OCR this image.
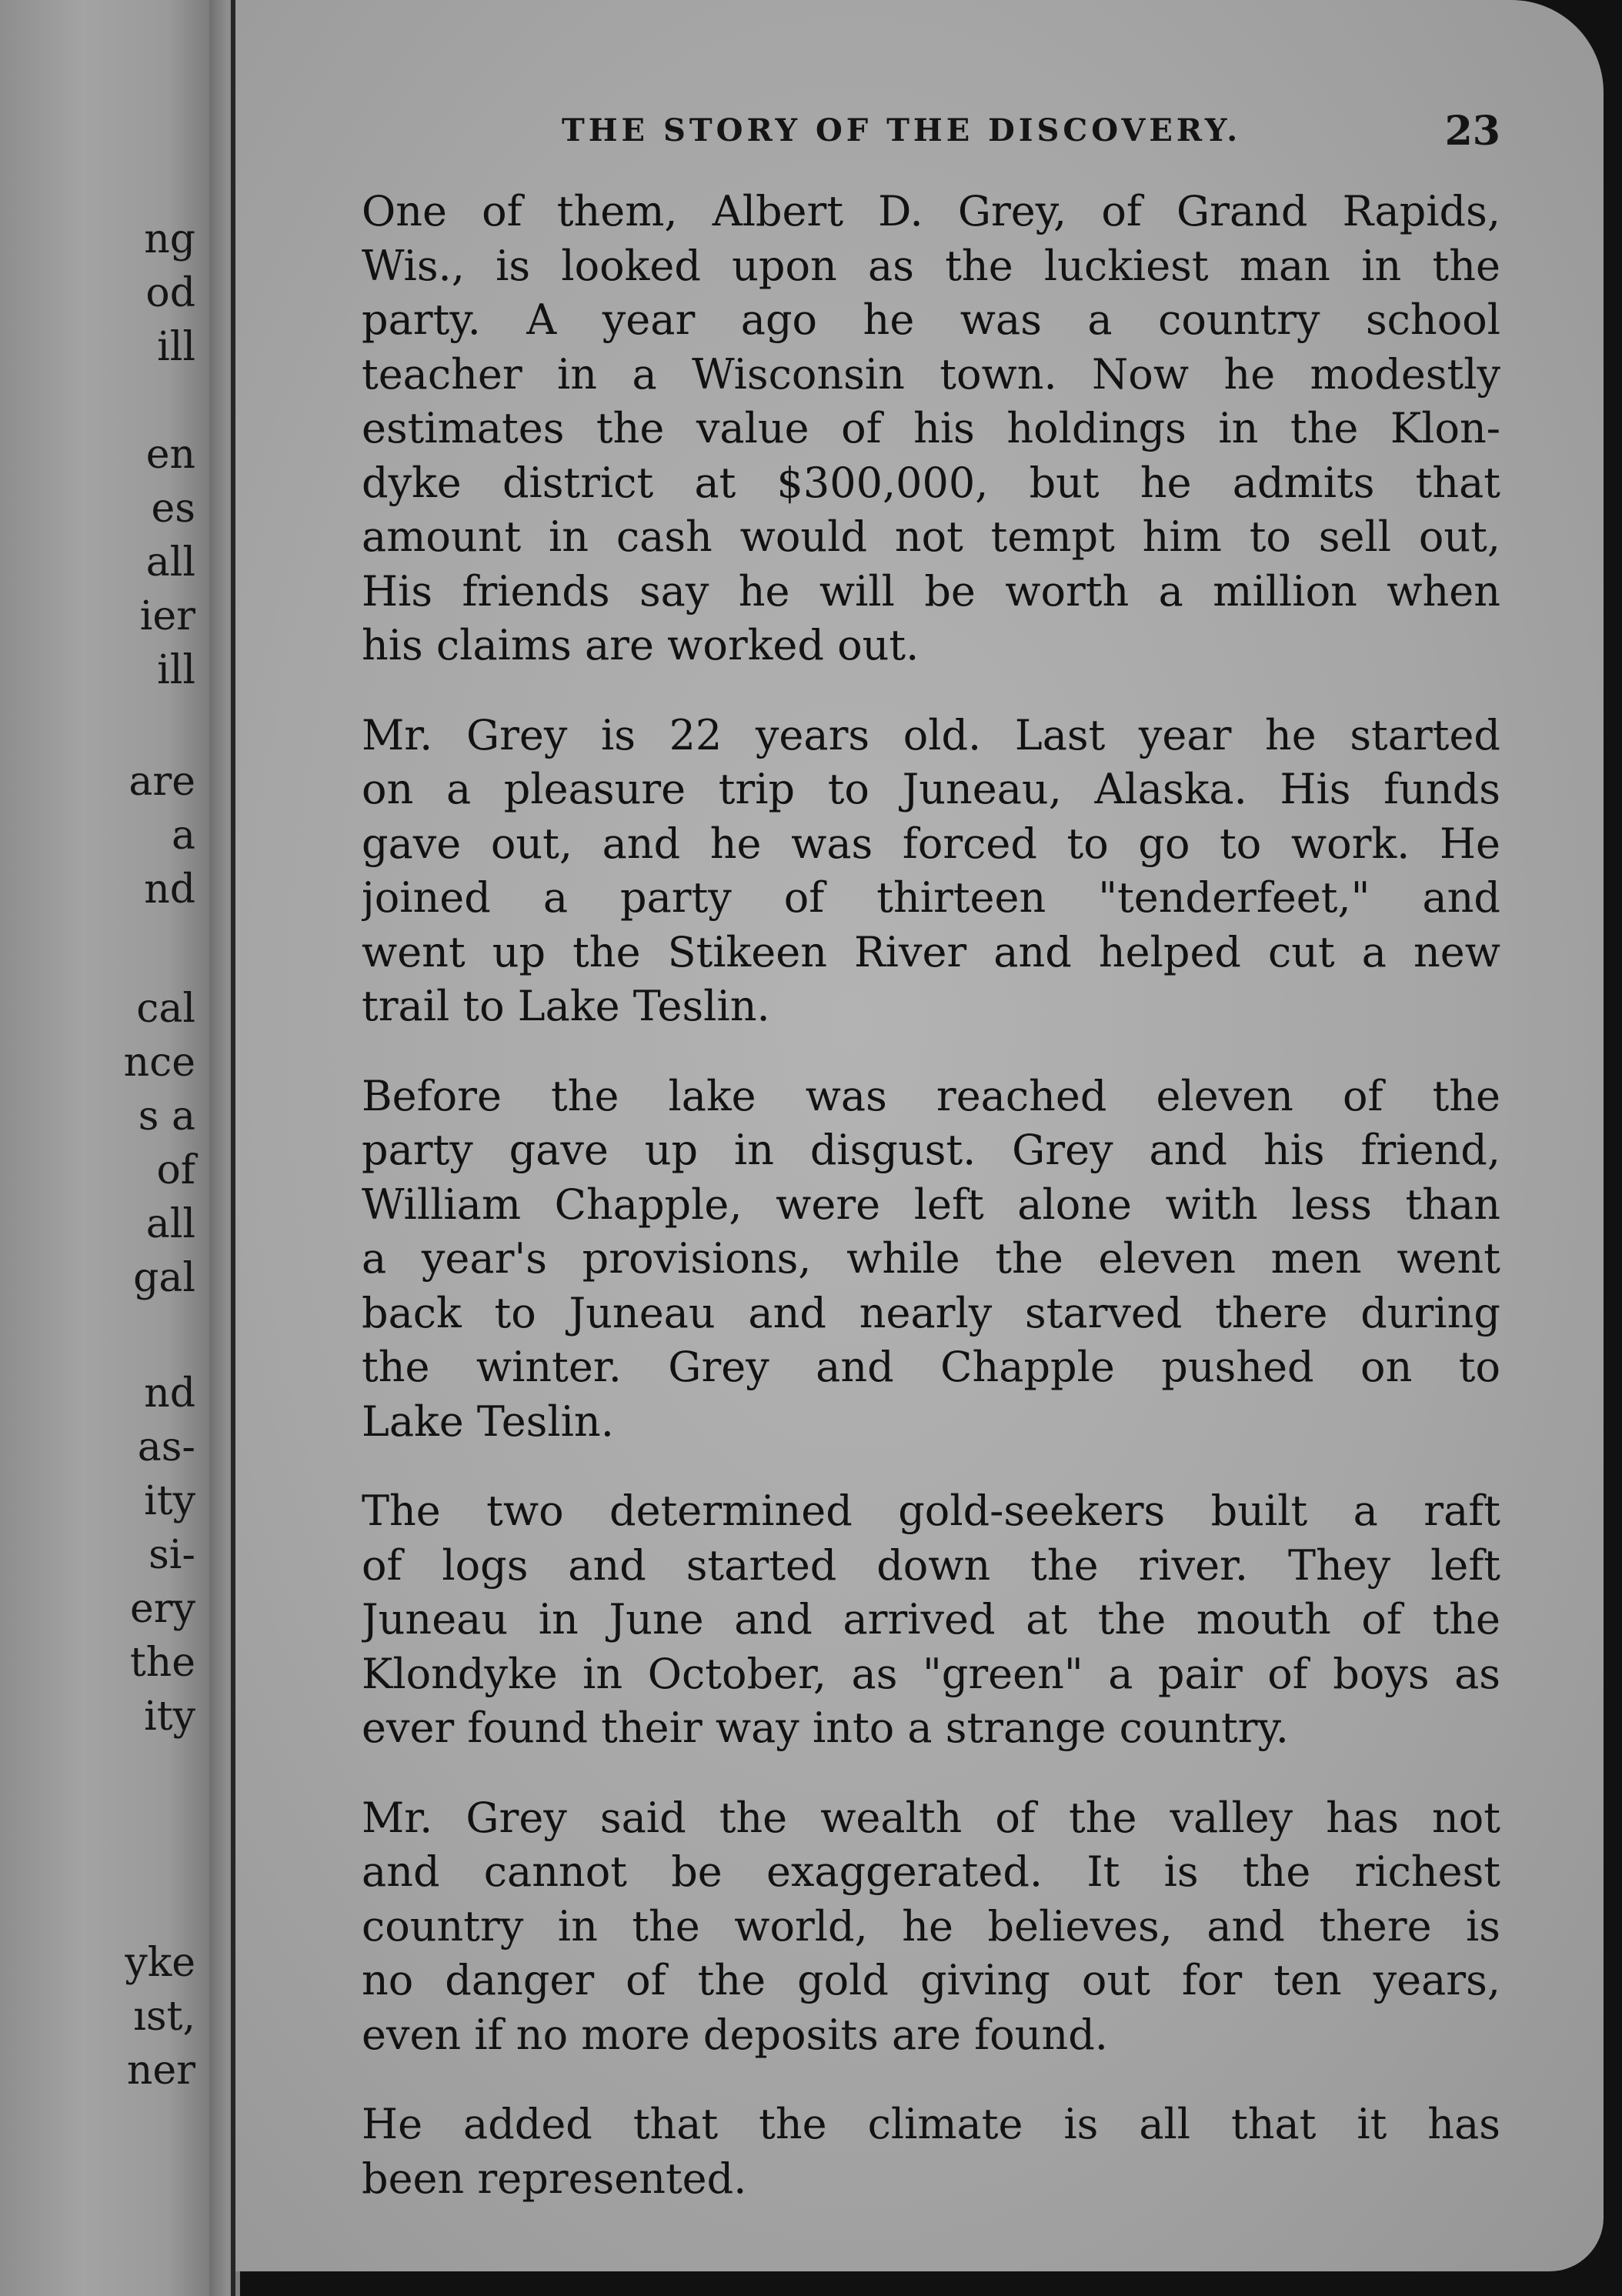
ng
od
ill
en
es
all
ier
ill
are
a
nd
cal
nce
s a
of
all
gal
nd
as-
ity
si-
ery
the
ity
yke
ıst,
ner
THE STORY OF THE DISCOVERY.	23
One of them, Albert D. Grey, of Grand Rapids,
Wis., is looked upon as the luckiest man in the
party. A year ago he was a country school
teacher in a Wisconsin town. Now he modestly
estimates the value of his holdings in the Klon-
dyke district at $300,000, but he admits that
amount in cash would not tempt him to sell out,
His friends say he will be worth a million when
his claims are worked out.
Mr. Grey is 22 years old. Last year he started
on a pleasure trip to Juneau, Alaska. His funds
gave out, and he was forced to go to work. He
joined a party of thirteen "tenderfeet," and
went up the Stikeen River and helped cut a new
trail to Lake Teslin.
Before the lake was reached eleven of the
party gave up in disgust. Grey and his friend,
William Chapple, were left alone with less than
a year's provisions, while the eleven men went
back to Juneau and nearly starved there during
the winter. Grey and Chapple pushed on to
Lake Teslin.
The two determined gold-seekers built a raft
of logs and started down the river. They left
Juneau in June and arrived at the mouth of the
Klondyke in October, as "green" a pair of boys as
ever found their way into a strange country.
Mr. Grey said the wealth of the valley has not
and cannot be exaggerated. It is the richest
country in the world, he believes, and there is
no danger of the gold giving out for ten years,
even if no more deposits are found.
He added that the climate is all that it has
been represented.
